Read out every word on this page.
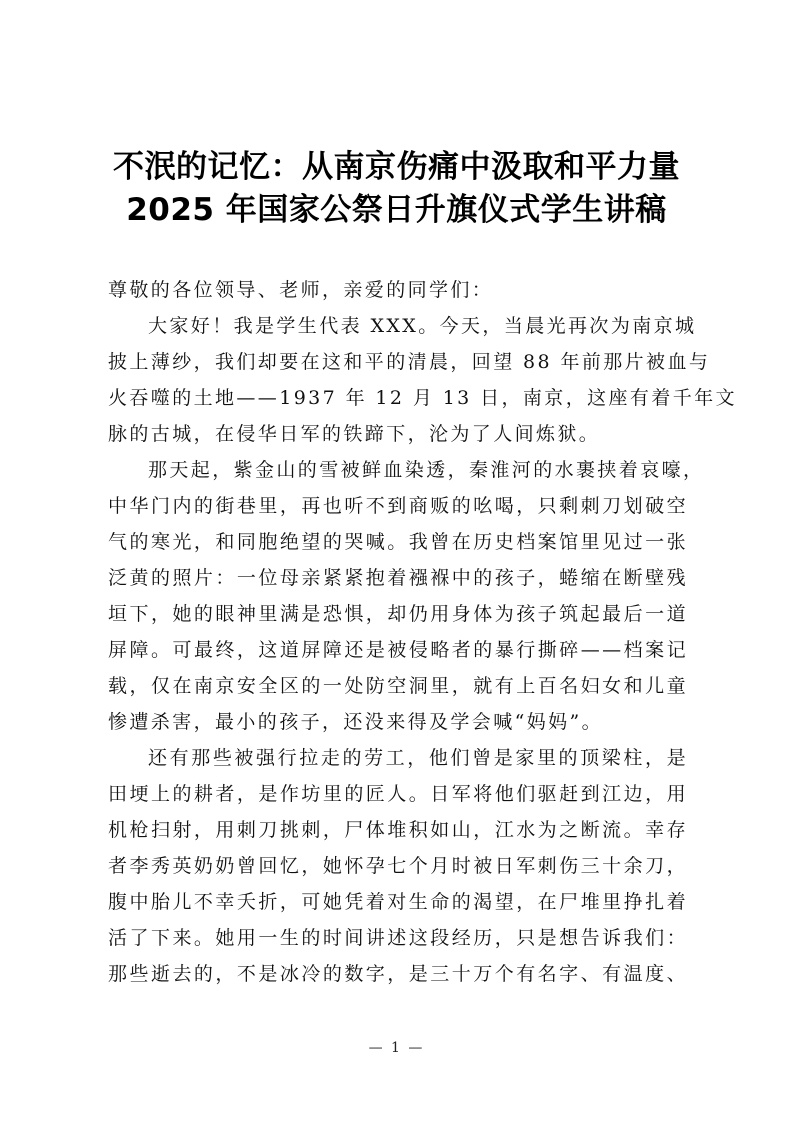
不泯的记忆：从南京伤痛中汲取和平力量
2025 年国家公祭日升旗仪式学生讲稿
尊敬的各位领导、老师，亲爱的同学们：
大家好！我是学生代表 XXX。今天，当晨光再次为南京城
披上薄纱，我们却要在这和平的清晨，回望 88 年前那片被血与
火吞噬的土地——1937 年 12 月 13 日，南京，这座有着千年文
脉的古城，在侵华日军的铁蹄下，沦为了人间炼狱。
那天起，紫金山的雪被鲜血染透，秦淮河的水裹挟着哀嚎，
中华门内的街巷里，再也听不到商贩的吆喝，只剩刺刀划破空
气的寒光，和同胞绝望的哭喊。我曾在历史档案馆里见过一张
泛黄的照片：一位母亲紧紧抱着襁褓中的孩子，蜷缩在断壁残
垣下，她的眼神里满是恐惧，却仍用身体为孩子筑起最后一道
屏障。可最终，这道屏障还是被侵略者的暴行撕碎——档案记
载，仅在南京安全区的一处防空洞里，就有上百名妇女和儿童
惨遭杀害，最小的孩子，还没来得及学会喊“妈妈”。
还有那些被强行拉走的劳工，他们曾是家里的顶梁柱，是
田埂上的耕者，是作坊里的匠人。日军将他们驱赶到江边，用
机枪扫射，用刺刀挑刺，尸体堆积如山，江水为之断流。幸存
者李秀英奶奶曾回忆，她怀孕七个月时被日军刺伤三十余刀，
腹中胎儿不幸夭折，可她凭着对生命的渴望，在尸堆里挣扎着
活了下来。她用一生的时间讲述这段经历，只是想告诉我们：
那些逝去的，不是冰冷的数字，是三十万个有名字、有温度、
— 1 —
